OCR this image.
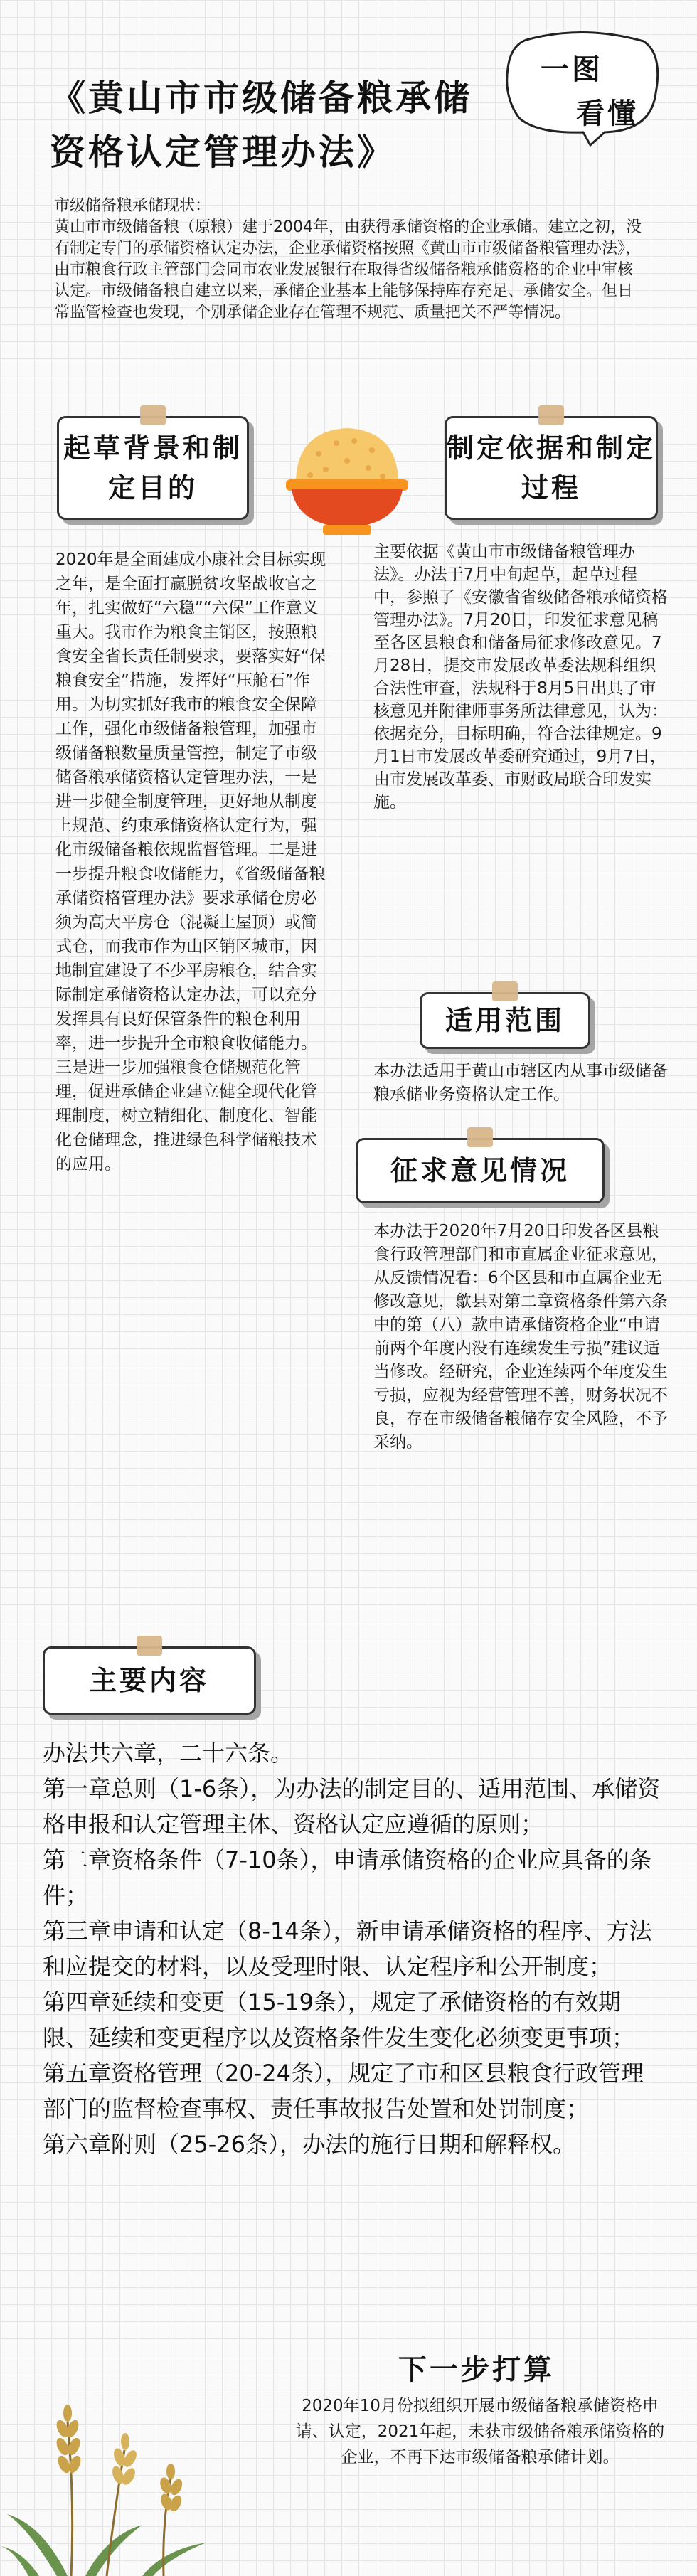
《黄山市市级储备粮承储资格认定管理办法》
一图
看懂

市级储备粮承储现状：

黄山市市级储备粮（原粮）建于2004年，由获得承储资格的企业承储。建立之初，没有制定专门的承储资格认定办法，企业承储资格按照《黄山市市级储备粮管理办法》，由市粮食行政主管部门会同市农业发展银行在取得省级储备粮承储资格的企业中审核认定。市级储备粮自建立以来，承储企业基本上能够保持库存充足、承储安全。但日常监管检查也发现，个别承储企业存在管理不规范、质量把关不严等情况。

起草背景和制定目的
制定依据和制定过程
2020年是全面建成小康社会目标实现之年，是全面打赢脱贫攻坚战收官之年，扎实做好“六稳”“六保”工作意义重大。我市作为粮食主销区，按照粮食安全省长责任制要求，要落实好“保粮食安全”措施，发挥好“压舱石”作用。为切实抓好我市的粮食安全保障工作，强化市级储备粮管理，加强市级储备粮数量质量管控，制定了市级储备粮承储资格认定管理办法，一是进一步健全制度管理，更好地从制度上规范、约束承储资格认定行为，强化市级储备粮依规监督管理。二是进一步提升粮食收储能力，《省级储备粮承储资格管理办法》要求承储仓房必须为高大平房仓（混凝土屋顶）或简式仓，而我市作为山区销区城市，因地制宜建设了不少平房粮仓，结合实际制定承储资格认定办法，可以充分发挥具有良好保管条件的粮仓利用率，进一步提升全市粮食收储能力。三是进一步加强粮食仓储规范化管理，促进承储企业建立健全现代化管理制度，树立精细化、制度化、智能化仓储理念，推进绿色科学储粮技术的应用。
主要依据《黄山市市级储备粮管理办法》。办法于7月中旬起草，起草过程中，参照了《安徽省省级储备粮承储资格管理办法》。7月20日，印发征求意见稿至各区县粮食和储备局征求修改意见。7月28日，提交市发展改革委法规科组织合法性审查，法规科于8月5日出具了审核意见并附律师事务所法律意见，认为：依据充分，目标明确，符合法律规定。9月1日市发展改革委研究通过，9月7日，由市发展改革委、市财政局联合印发实施。
适用范围
本办法适用于黄山市辖区内从事市级储备粮承储业务资格认定工作。
征求意见情况
本办法于2020年7月20日印发各区县粮食行政管理部门和市直属企业征求意见，从反馈情况看：6个区县和市直属企业无修改意见，歙县对第二章资格条件第六条中的第（八）款申请承储资格企业“申请前两个年度内没有连续发生亏损”建议适当修改。经研究，企业连续两个年度发生亏损，应视为经营管理不善，财务状况不良，存在市级储备粮储存安全风险，不予采纳。
主要内容

办法共六章，二十六条。

第一章总则（1-6条），为办法的制定目的、适用范围、承储资格申报和认定管理主体、资格认定应遵循的原则；

第二章资格条件（7-10条），申请承储资格的企业应具备的条件；

第三章申请和认定（8-14条），新申请承储资格的程序、方法和应提交的材料，以及受理时限、认定程序和公开制度；

第四章延续和变更（15-19条），规定了承储资格的有效期限、延续和变更程序以及资格条件发生变化必须变更事项；

第五章资格管理（20-24条），规定了市和区县粮食行政管理部门的监督检查事权、责任事故报告处置和处罚制度；

第六章附则（25-26条），办法的施行日期和解释权。

下一步打算
2020年10月份拟组织开展市级储备粮承储资格申请、认定，2021年起，未获市级储备粮承储资格的企业，不再下达市级储备粮承储计划。
